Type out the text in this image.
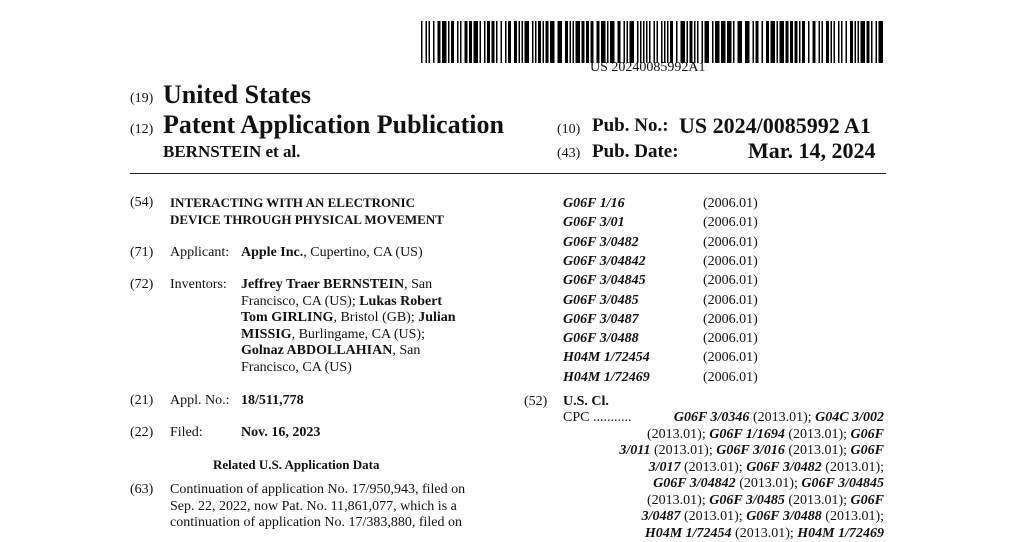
US 20240085992A1
(19) United States
(12) Patent Application Publication
BERNSTEIN et al.
(10) Pub. No.: US 2024/0085992 A1
(43) Pub. Date:	Mar. 14, 2024
(54) INTERACTING WITH AN ELECTRONIC
DEVICE THROUGH PHYSICAL MOVEMENT
(71) Applicant: Apple Inc., Cupertino, CA (US)
(72) Inventors: Jeffrey Traer BERNSTEIN, San
Francisco, CA (US); Lukas Robert
Tom GIRLING, Bristol (GB); Julian
MISSIG, Burlingame, CA (US);
Golnaz ABDOLLAHIAN, San
Francisco, CA (US)
(21) Appl. No.: 18/511,778
(22) Filed:	Nov. 16, 2023
Related U.S. Application Data
(63) Continuation of application No. 17/950,943, filed on
Sep. 22, 2022, now Pat. No. 11,861,077, which is a
continuation of application No. 17/383,880, filed on
G06F 1/16	(2006.01)
G06F 3/01	(2006.01)
G06F 3/0482	(2006.01)
G06F 3/04842	(2006.01)
G06F 3/04845	(2006.01)
G06F 3/0485	(2006.01)
G06F 3/0487	(2006.01)
G06F 3/0488	(2006.01)
H04M 1/72454	(2006.01)
H04M 1/72469	(2006.01)
(52) U.S. Cl.
CPC ...........	G06F 3/0346 (2013.01); G04C 3/002
(2013.01); G06F 1/1694 (2013.01); G06F
3/011 (2013.01); G06F 3/016 (2013.01); G06F
3/017 (2013.01); G06F 3/0482 (2013.01);
G06F 3/04842 (2013.01); G06F 3/04845
(2013.01); G06F 3/0485 (2013.01); G06F
3/0487 (2013.01); G06F 3/0488 (2013.01);
H04M 1/72454 (2013.01); H04M 1/72469
